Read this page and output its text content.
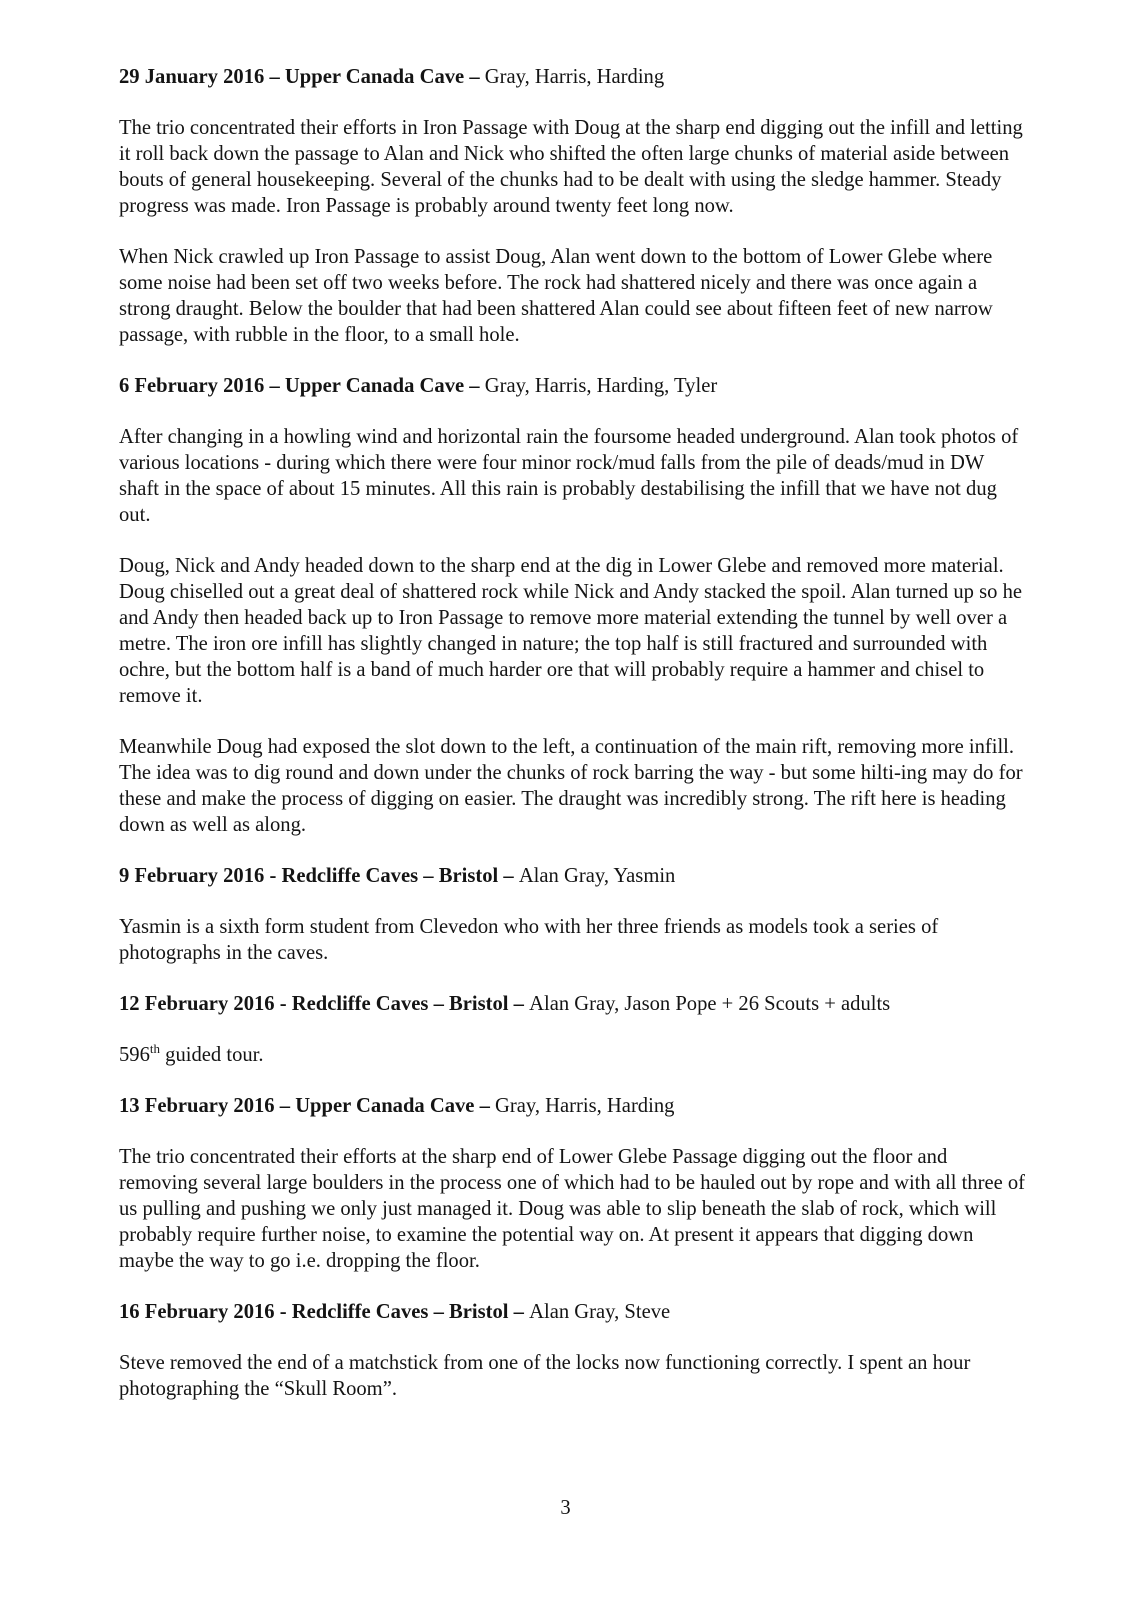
29 January 2016 – Upper Canada Cave – Gray, Harris, Harding

The trio concentrated their efforts in Iron Passage with Doug at the sharp end digging out the infill and letting it roll back down the passage to Alan and Nick who shifted the often large chunks of material aside between bouts of general housekeeping. Several of the chunks had to be dealt with using the sledge hammer. Steady progress was made. Iron Passage is probably around twenty feet long now.

When Nick crawled up Iron Passage to assist Doug, Alan went down to the bottom of Lower Glebe where some noise had been set off two weeks before. The rock had shattered nicely and there was once again a strong draught. Below the boulder that had been shattered Alan could see about fifteen feet of new narrow passage, with rubble in the floor, to a small hole.

6 February 2016 – Upper Canada Cave – Gray, Harris, Harding, Tyler

After changing in a howling wind and horizontal rain the foursome headed underground. Alan took photos of various locations - during which there were four minor rock/mud falls from the pile of deads/mud in DW shaft in the space of about 15 minutes. All this rain is probably destabilising the infill that we have not dug out.

Doug, Nick and Andy headed down to the sharp end at the dig in Lower Glebe and removed more material. Doug chiselled out a great deal of shattered rock while Nick and Andy stacked the spoil. Alan turned up so he and Andy then headed back up to Iron Passage to remove more material extending the tunnel by well over a metre. The iron ore infill has slightly changed in nature; the top half is still fractured and surrounded with ochre, but the bottom half is a band of much harder ore that will probably require a hammer and chisel to remove it.

Meanwhile Doug had exposed the slot down to the left, a continuation of the main rift, removing more infill. The idea was to dig round and down under the chunks of rock barring the way - but some hilti-ing may do for these and make the process of digging on easier. The draught was incredibly strong. The rift here is heading down as well as along.

9 February 2016 - Redcliffe Caves – Bristol – Alan Gray, Yasmin

Yasmin is a sixth form student from Clevedon who with her three friends as models took a series of photographs in the caves.

12 February 2016 - Redcliffe Caves – Bristol – Alan Gray, Jason Pope + 26 Scouts + adults

596th guided tour.

13 February 2016 – Upper Canada Cave – Gray, Harris, Harding

The trio concentrated their efforts at the sharp end of Lower Glebe Passage digging out the floor and removing several large boulders in the process one of which had to be hauled out by rope and with all three of us pulling and pushing we only just managed it. Doug was able to slip beneath the slab of rock, which will probably require further noise, to examine the potential way on. At present it appears that digging down maybe the way to go i.e. dropping the floor.

16 February 2016 - Redcliffe Caves – Bristol – Alan Gray, Steve

Steve removed the end of a matchstick from one of the locks now functioning correctly. I spent an hour photographing the “Skull Room”.

3
